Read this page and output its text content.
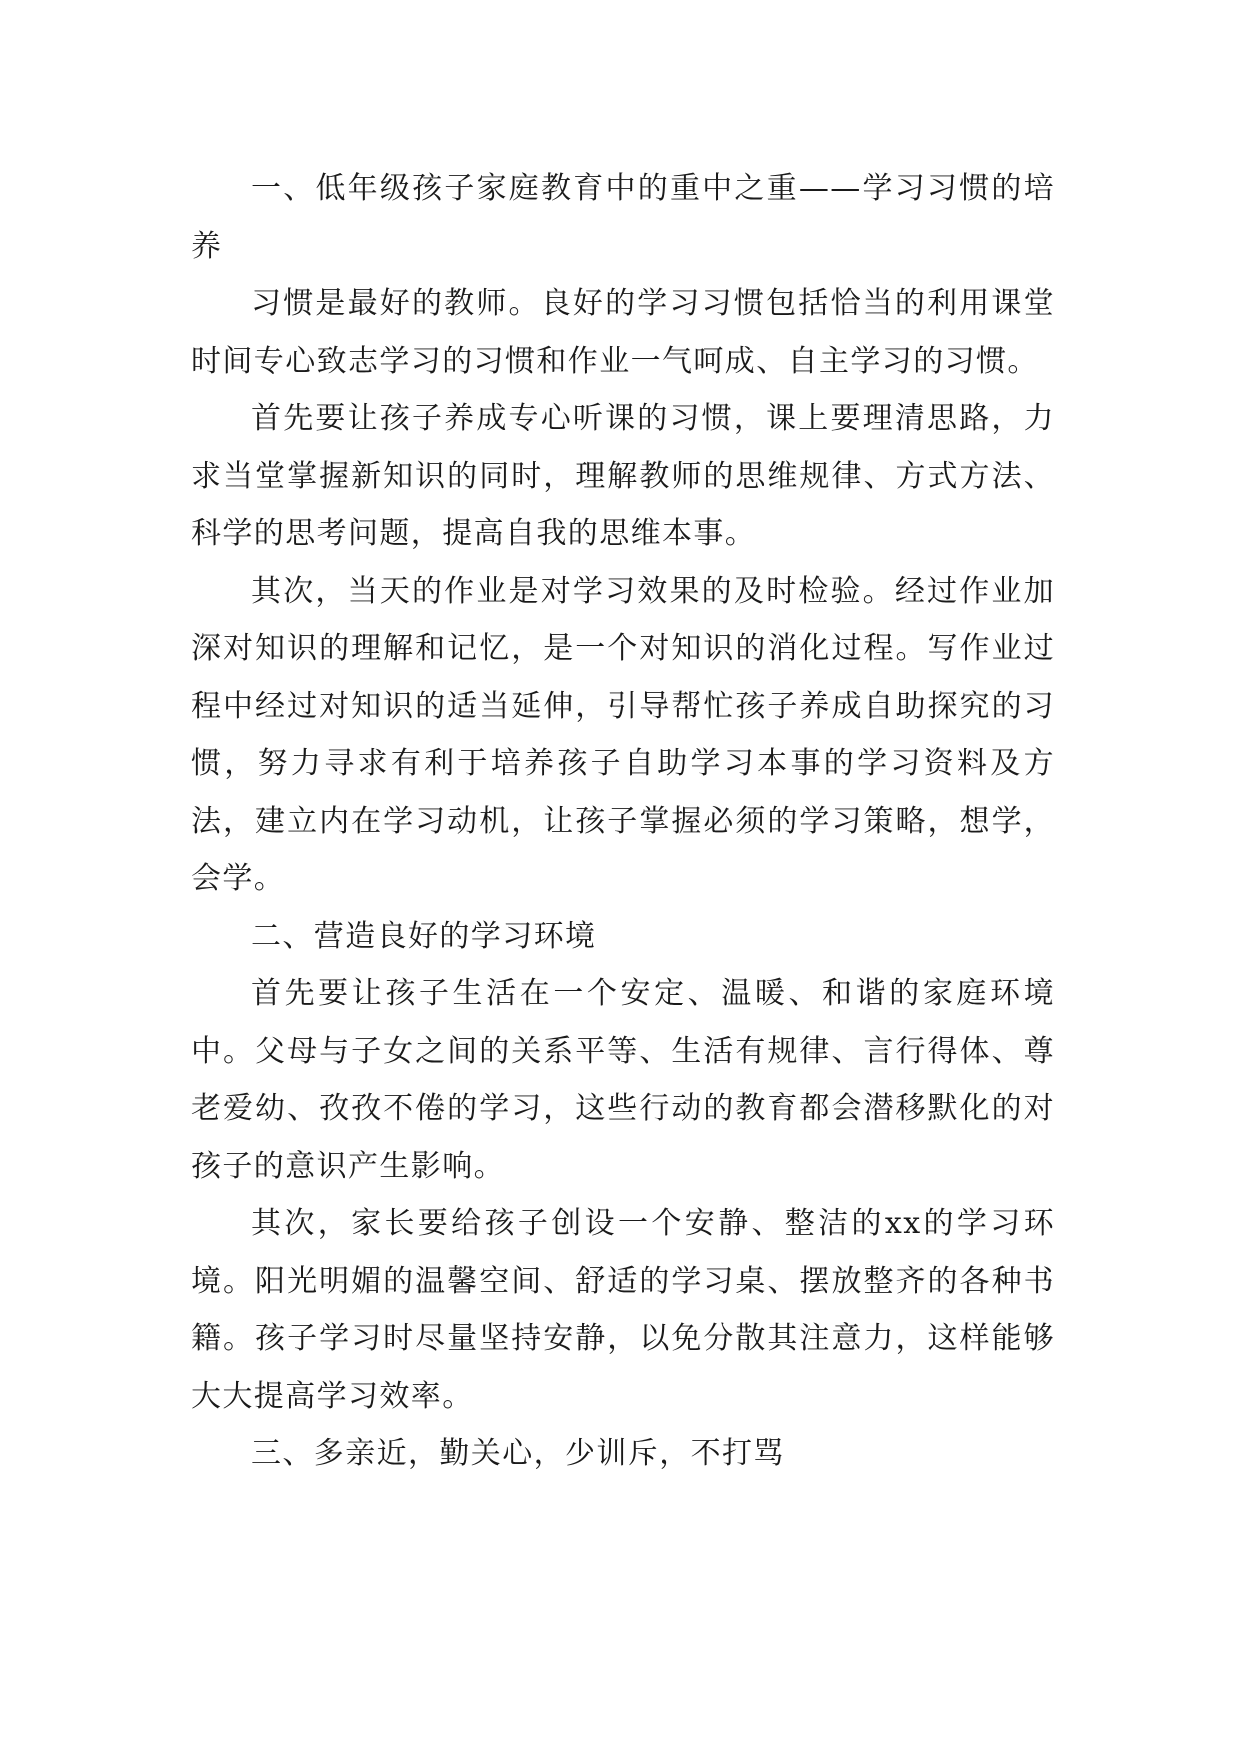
一、低年级孩子家庭教育中的重中之重——学习习惯的培养

习惯是最好的教师。良好的学习习惯包括恰当的利用课堂时间专心致志学习的习惯和作业一气呵成、自主学习的习惯。

首先要让孩子养成专心听课的习惯，课上要理清思路，力求当堂掌握新知识的同时，理解教师的思维规律、方式方法、科学的思考问题，提高自我的思维本事。

其次，当天的作业是对学习效果的及时检验。经过作业加深对知识的理解和记忆，是一个对知识的消化过程。写作业过程中经过对知识的适当延伸，引导帮忙孩子养成自助探究的习惯，努力寻求有利于培养孩子自助学习本事的学习资料及方法，建立内在学习动机，让孩子掌握必须的学习策略，想学，会学。

二、营造良好的学习环境

首先要让孩子生活在一个安定、温暖、和谐的家庭环境中。父母与子女之间的关系平等、生活有规律、言行得体、尊老爱幼、孜孜不倦的学习，这些行动的教育都会潜移默化的对孩子的意识产生影响。

其次，家长要给孩子创设一个安静、整洁的xx的学习环境。阳光明媚的温馨空间、舒适的学习桌、摆放整齐的各种书籍。孩子学习时尽量坚持安静，以免分散其注意力，这样能够大大提高学习效率。

三、多亲近，勤关心，少训斥，不打骂
